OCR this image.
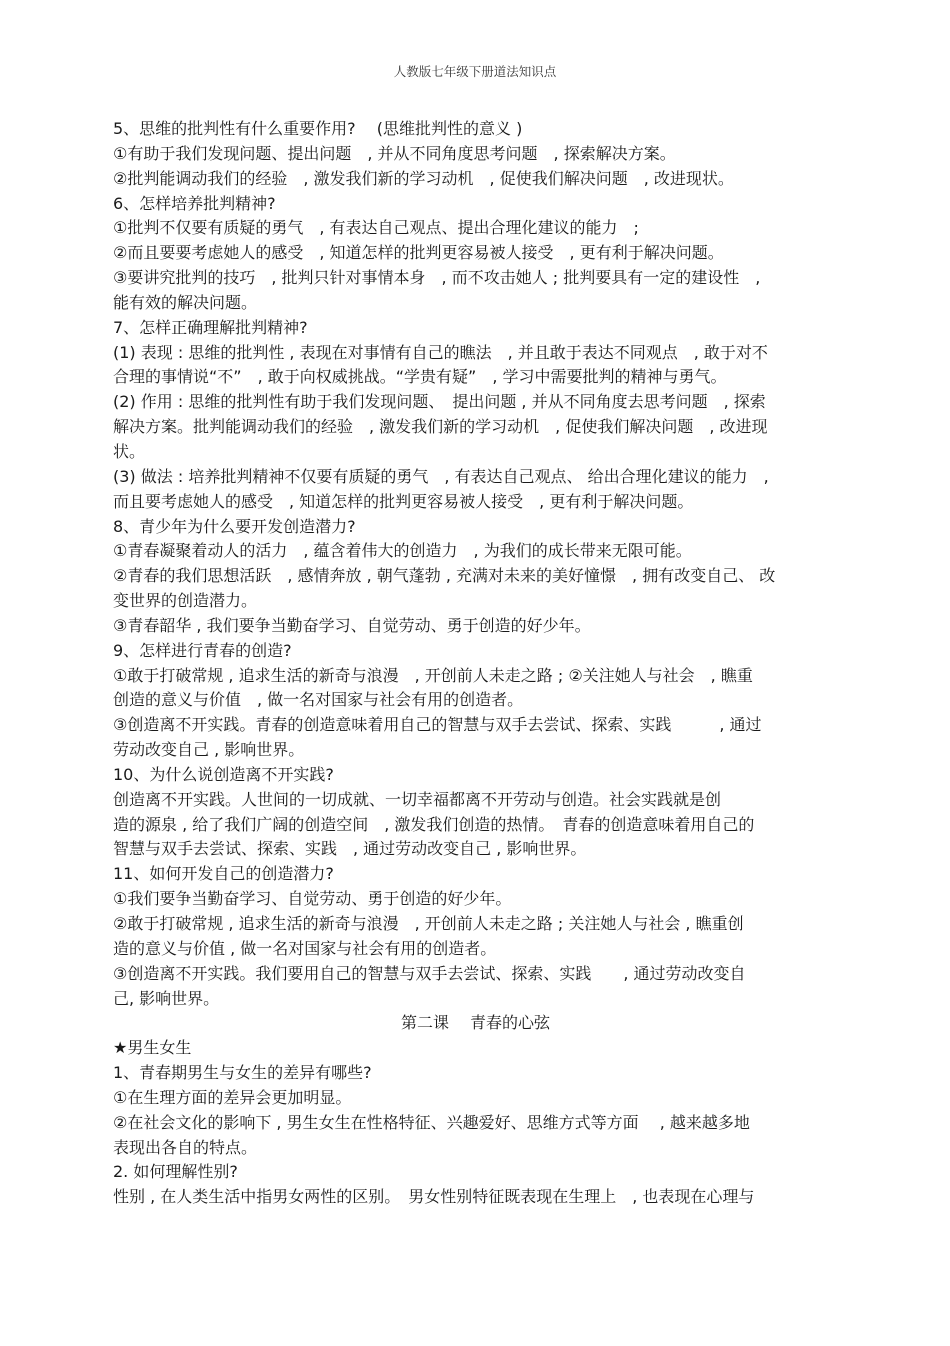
人教版七年级下册道法知识点
5、思维的批判性有什么重要作用?　 (思维批判性的意义 )
①有助于我们发现问题、提出问题　, 并从不同角度思考问题　, 探索解决方案。
②批判能调动我们的经验　, 激发我们新的学习动机　, 促使我们解决问题　, 改进现状。
6、怎样培养批判精神?
①批判不仅要有质疑的勇气　, 有表达自己观点、提出合理化建议的能力　;
②而且要要考虑她人的感受　, 知道怎样的批判更容易被人接受　, 更有利于解决问题。
③要讲究批判的技巧　, 批判只针对事情本身　, 而不攻击她人 ; 批判要具有一定的建设性　,
能有效的解决问题。
7、怎样正确理解批判精神?
(1) 表现 : 思维的批判性 , 表现在对事情有自己的瞧法　, 并且敢于表达不同观点　, 敢于对不
合理的事情说“不”　, 敢于向权威挑战。“学贵有疑”　, 学习中需要批判的精神与勇气。
(2) 作用 : 思维的批判性有助于我们发现问题、　提出问题 , 并从不同角度去思考问题　, 探索
解决方案。批判能调动我们的经验　, 激发我们新的学习动机　, 促使我们解决问题　, 改进现
状。
(3) 做法 : 培养批判精神不仅要有质疑的勇气　, 有表达自己观点、 给出合理化建议的能力　,
而且要考虑她人的感受　, 知道怎样的批判更容易被人接受　, 更有利于解决问题。
8、青少年为什么要开发创造潜力?
①青春凝聚着动人的活力　, 蕴含着伟大的创造力　, 为我们的成长带来无限可能。
②青春的我们思想活跃　, 感情奔放 , 朝气蓬勃 , 充满对未来的美好憧憬　, 拥有改变自己、 改
变世界的创造潜力。
③青春韶华 , 我们要争当勤奋学习、自觉劳动、勇于创造的好少年。
9、怎样进行青春的创造?
①敢于打破常规 , 追求生活的新奇与浪漫　, 开创前人未走之路 ; ②关注她人与社会　, 瞧重
创造的意义与价值　, 做一名对国家与社会有用的创造者。
③创造离不开实践。青春的创造意味着用自己的智慧与双手去尝试、探索、实践　　　, 通过
劳动改变自己 , 影响世界。
10、为什么说创造离不开实践?
创造离不开实践。人世间的一切成就、一切幸福都离不开劳动与创造。社会实践就是创
造的源泉 , 给了我们广阔的创造空间　, 激发我们创造的热情。　青春的创造意味着用自己的
智慧与双手去尝试、探索、实践　, 通过劳动改变自己 , 影响世界。
11、如何开发自己的创造潜力?
①我们要争当勤奋学习、自觉劳动、勇于创造的好少年。
②敢于打破常规 , 追求生活的新奇与浪漫　, 开创前人未走之路 ; 关注她人与社会 , 瞧重创
造的意义与价值 , 做一名对国家与社会有用的创造者。
③创造离不开实践。我们要用自己的智慧与双手去尝试、探索、实践　　, 通过劳动改变自
己, 影响世界。
第二课　 青春的心弦
★男生女生
1、青春期男生与女生的差异有哪些?
①在生理方面的差异会更加明显。
②在社会文化的影响下 , 男生女生在性格特征、兴趣爱好、思维方式等方面　 , 越来越多地
表现出各自的特点。
2. 如何理解性别?
性别 , 在人类生活中指男女两性的区别。　男女性别特征既表现在生理上　, 也表现在心理与
